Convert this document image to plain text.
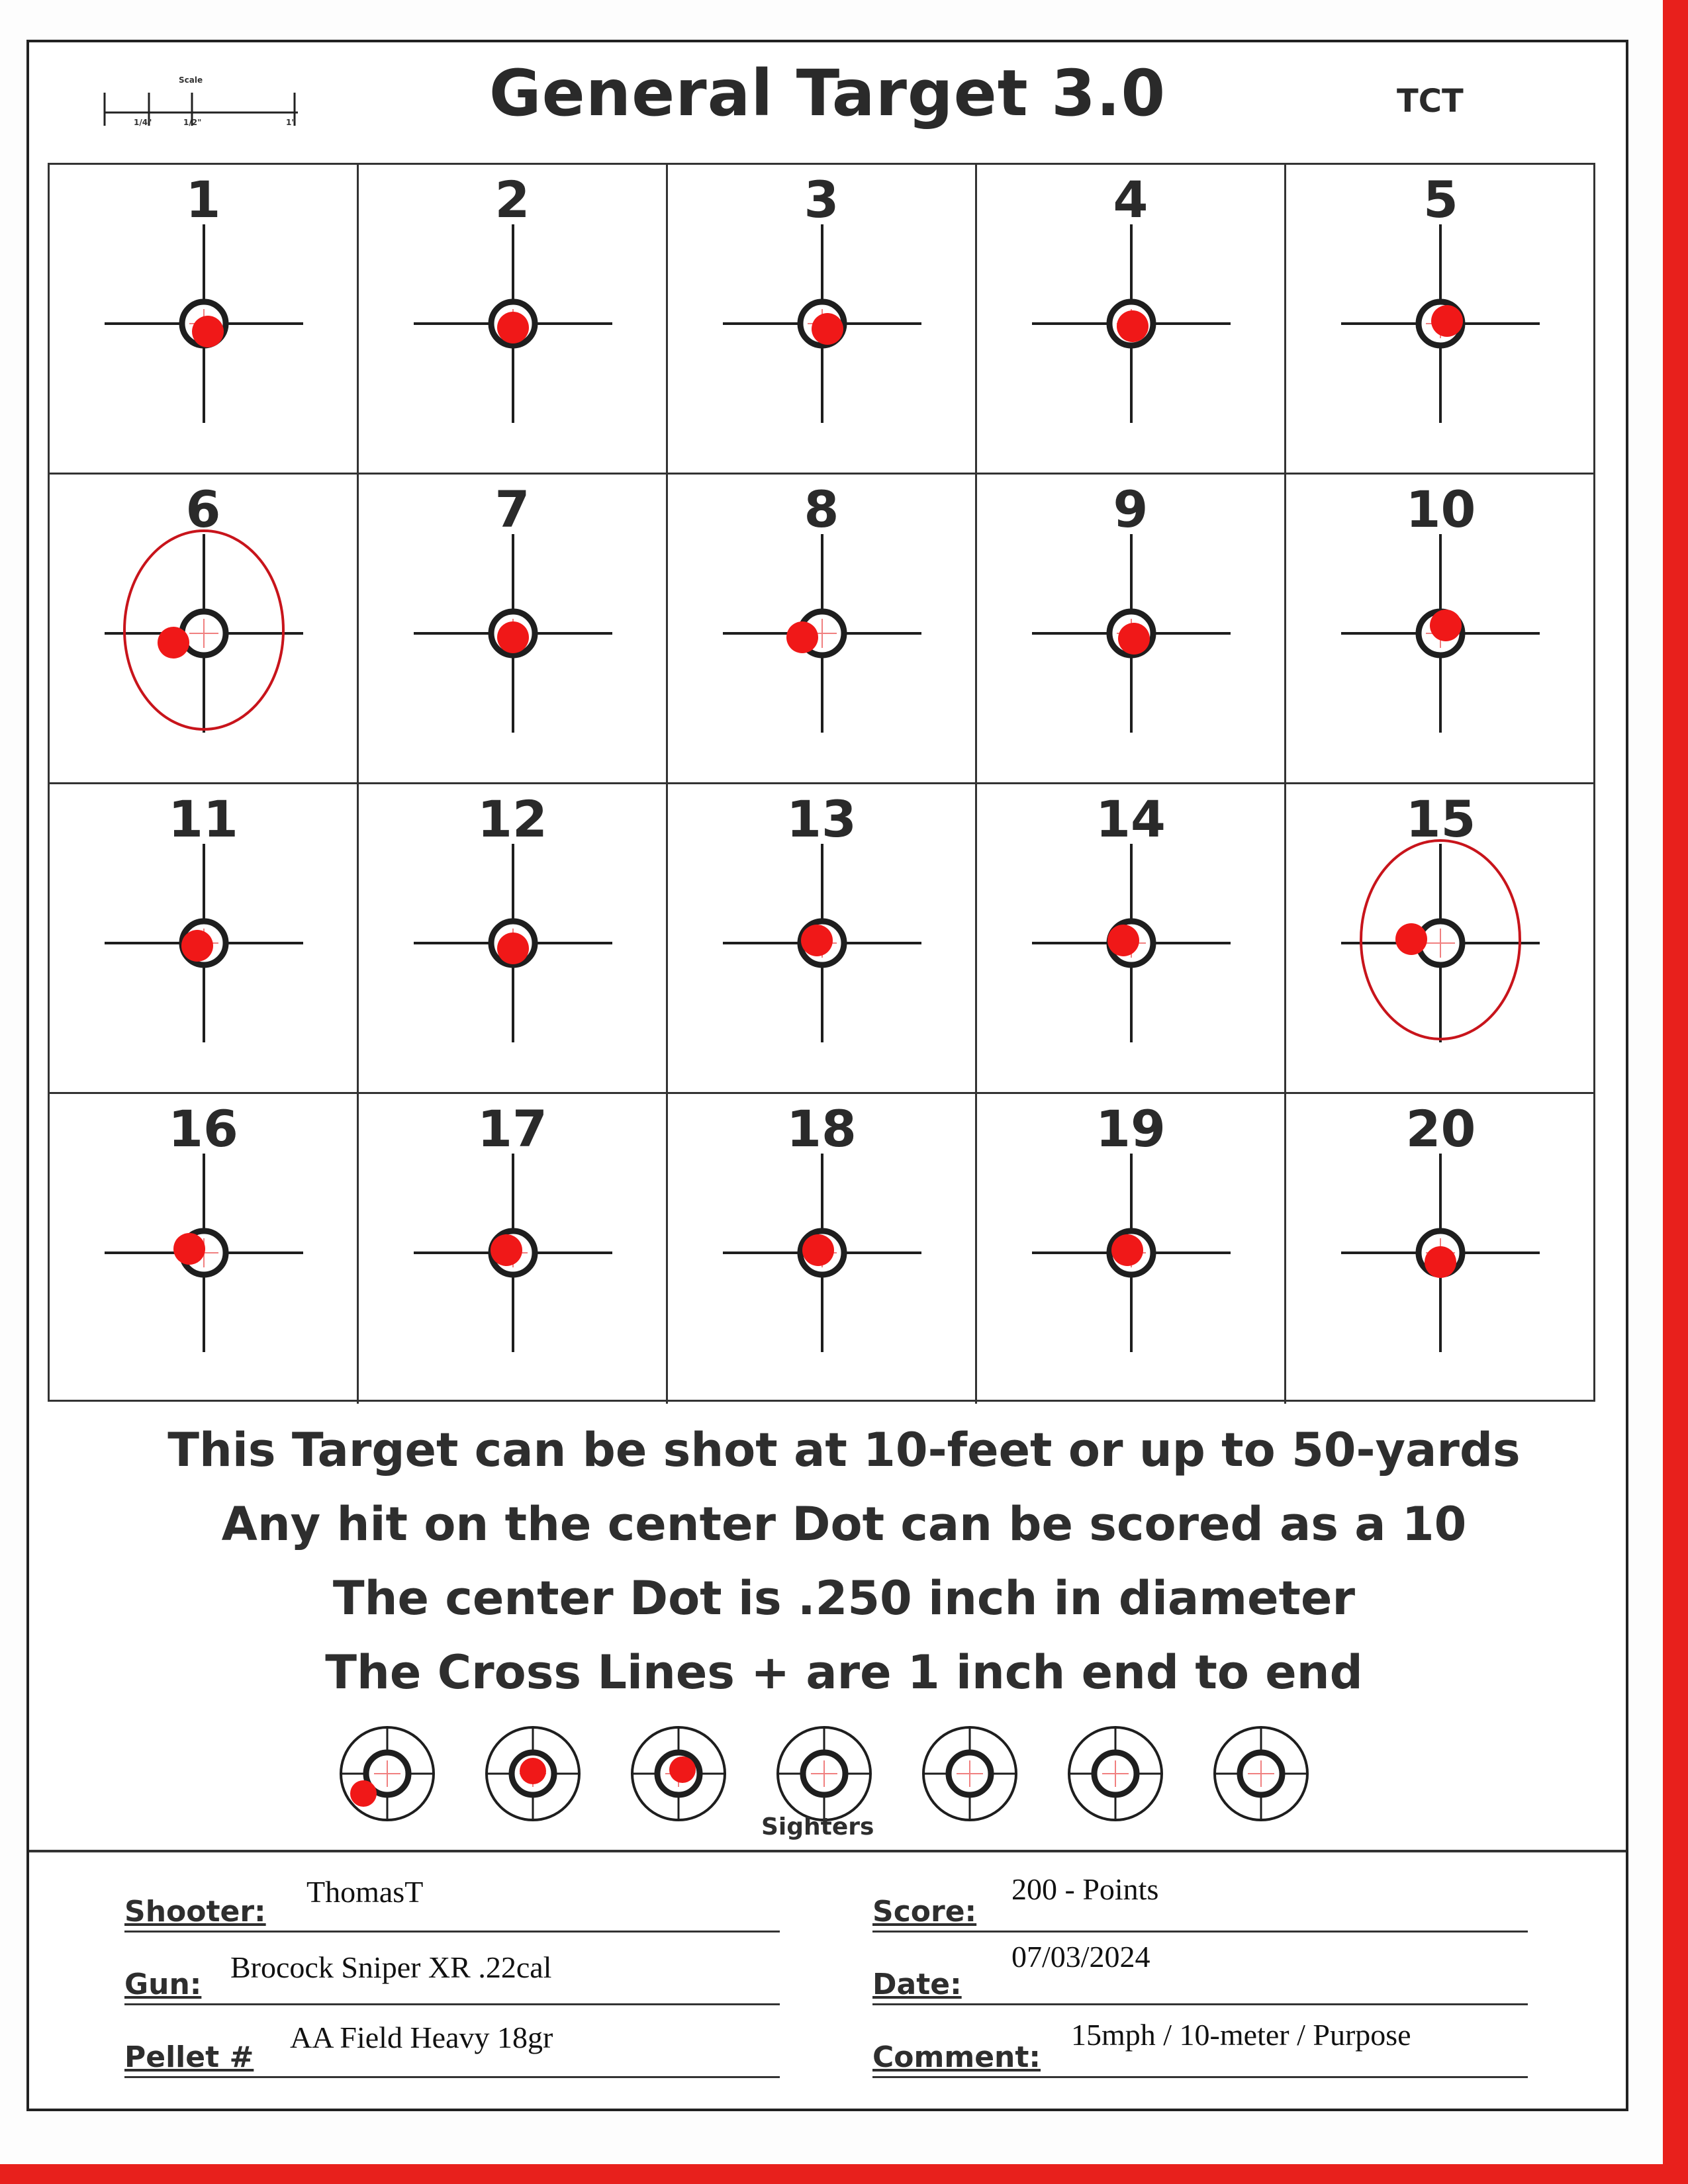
Scale
1/4"	1/2"	1"	General Target 3.0	TCT
1	2	3	4	5
6	7	8	9	10
11	12	13	14	15
16	17	18	19	20
This Target can be shot at 10-feet or up to 50-yards
Any hit on the center Dot can be scored as a 10
The center Dot is .250 inch in diameter
The Cross Lines + are 1 inch end to end
Sighters
Shooter:
ThomasT
Gun:
Brocock Sniper XR .22cal
Pellet #
AA Field Heavy 18gr
Score:
200 - Points
Date:
07/03/2024
Comment:
15mph / 10-meter / Purpose
